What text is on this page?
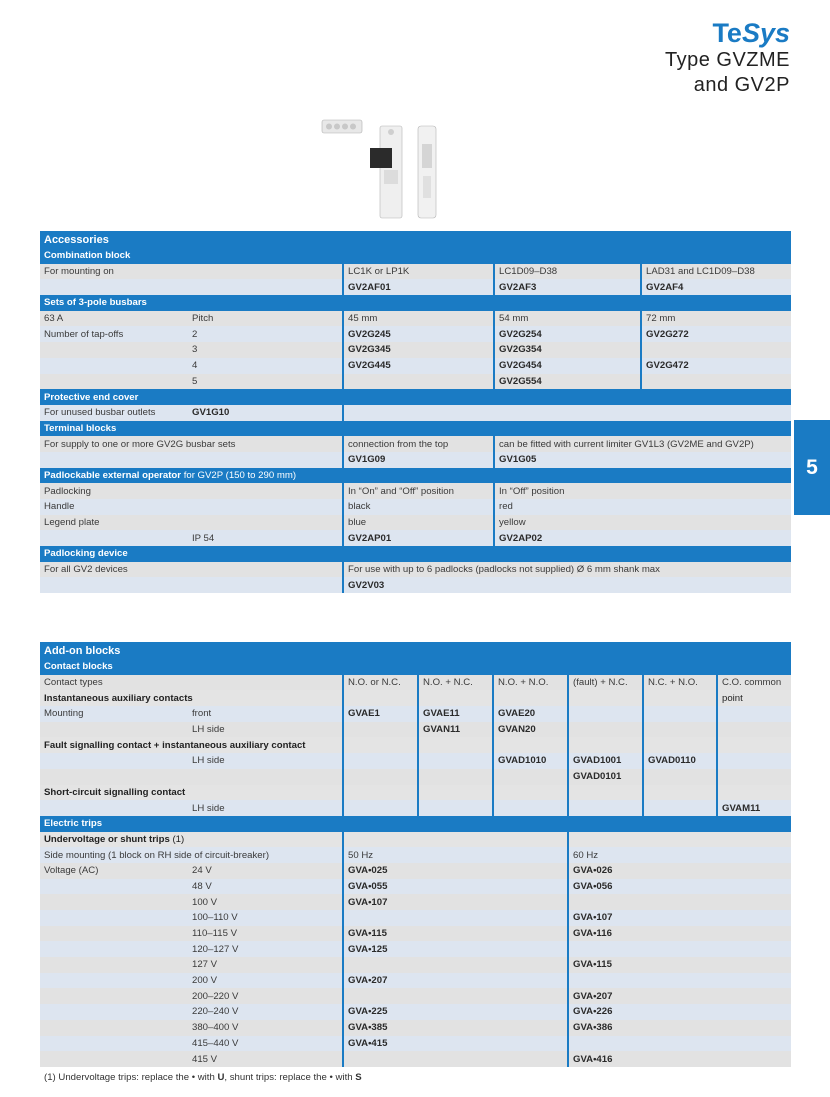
TeSys
Type GVZME
and GV2P
5
Accessories				
Combination block				
For mounting on		LC1K or LP1K	LC1D09–D38	LAD31 and LC1D09–D38
		GV2AF01	GV2AF3	GV2AF4
Sets of 3-pole busbars				
63 A	Pitch	45 mm	54 mm	72 mm
Number of tap-offs	2	GV2G245	GV2G254	GV2G272
	3	GV2G345	GV2G354	
	4	GV2G445	GV2G454	GV2G472
	5		GV2G554	
Protective end cover				
For unused busbar outlets	GV1G10			
Terminal blocks				
For supply to one or more GV2G busbar sets		connection from the top	can be fitted with current limiter GV1L3 (GV2ME and GV2P)	
		GV1G09	GV1G05	
Padlockable external operator for GV2P (150 to 290 mm)				
Padlocking		In “On” and “Off” position	In “Off” position	
Handle		black	red	
Legend plate		blue	yellow	
	IP 54	GV2AP01	GV2AP02	
Padlocking device				
For all GV2 devices		For use with up to 6 padlocks (padlocks not supplied) Ø 6 mm shank max		
		GV2V03		
Add-on blocks							
Contact blocks							
Contact types		N.O. or N.C.	N.O. + N.C.	N.O. + N.O.	(fault) + N.C.	N.C. + N.O.	C.O. common
Instantaneous auxiliary contacts							point
Mounting	front	GVAE1	GVAE11	GVAE20			
	LH side		GVAN11	GVAN20			
Fault signalling contact + instantaneous auxiliary contact							
	LH side			GVAD1010	GVAD1001	GVAD0110	
					GVAD0101		
Short-circuit signalling contact							
	LH side						GVAM11
Electric trips							
Undervoltage or shunt trips (1)							
Side mounting (1 block on RH side of circuit-breaker)		50 Hz			60 Hz		
Voltage (AC)	24 V	GVA•025			GVA•026		
	48 V	GVA•055			GVA•056		
	100 V	GVA•107					
	100–110 V				GVA•107		
	110–115 V	GVA•115			GVA•116		
	120–127 V	GVA•125					
	127 V				GVA•115		
	200 V	GVA•207					
	200–220 V				GVA•207		
	220–240 V	GVA•225			GVA•226		
	380–400 V	GVA•385			GVA•386		
	415–440 V	GVA•415					
	415 V				GVA•416		
(1) Undervoltage trips: replace the • with U, shunt trips: replace the • with S
